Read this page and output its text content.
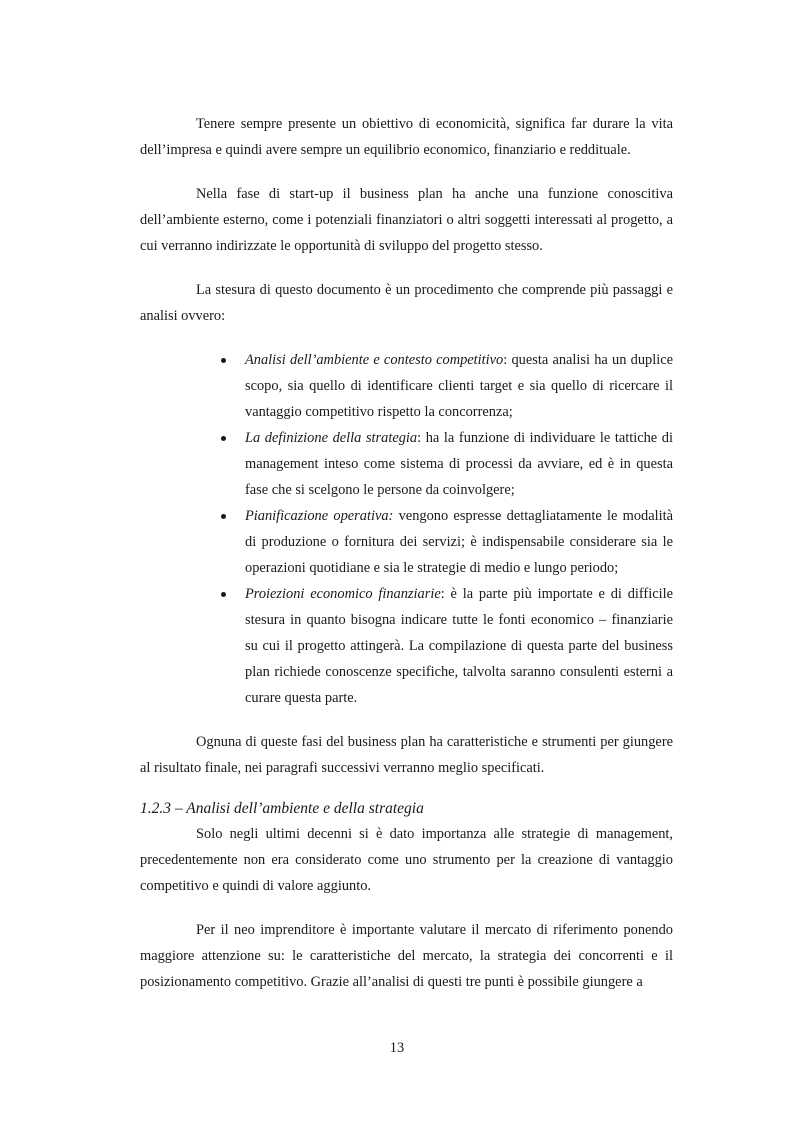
Tenere sempre presente un obiettivo di economicità, significa far durare la vita dell’impresa e quindi avere sempre un equilibrio economico, finanziario e reddituale.

Nella fase di start-up il business plan ha anche una funzione conoscitiva dell’ambiente esterno, come i potenziali finanziatori o altri soggetti interessati al progetto, a cui verranno indirizzate le opportunità di sviluppo del progetto stesso.

La stesura di questo documento è un procedimento che comprende più passaggi e analisi ovvero:

Analisi dell’ambiente e contesto competitivo: questa analisi ha un duplice scopo, sia quello di identificare clienti target e sia quello di ricercare il vantaggio competitivo rispetto la concorrenza;
La definizione della strategia: ha la funzione di individuare le tattiche di management inteso come sistema di processi da avviare, ed è in questa fase che si scelgono le persone da coinvolgere;
Pianificazione operativa: vengono espresse dettagliatamente le modalità di produzione o fornitura dei servizi; è indispensabile considerare sia le operazioni quotidiane e sia le strategie di medio e lungo periodo;
Proiezioni economico finanziarie: è la parte più importate e di difficile stesura in quanto bisogna indicare tutte le fonti economico – finanziarie su cui il progetto attingerà. La compilazione di questa parte del business plan richiede conoscenze specifiche, talvolta saranno consulenti esterni a curare questa parte.

Ognuna di queste fasi del business plan ha caratteristiche e strumenti per giungere al risultato finale, nei paragrafi successivi verranno meglio specificati.

1.2.3 – Analisi dell’ambiente e della strategia

Solo negli ultimi decenni si è dato importanza alle strategie di management, precedentemente non era considerato come uno strumento per la creazione di vantaggio competitivo e quindi di valore aggiunto.

Per il neo imprenditore è importante valutare il mercato di riferimento ponendo maggiore attenzione su: le caratteristiche del mercato, la strategia dei concorrenti e il posizionamento competitivo. Grazie all’analisi di questi tre punti è possibile giungere a

13
